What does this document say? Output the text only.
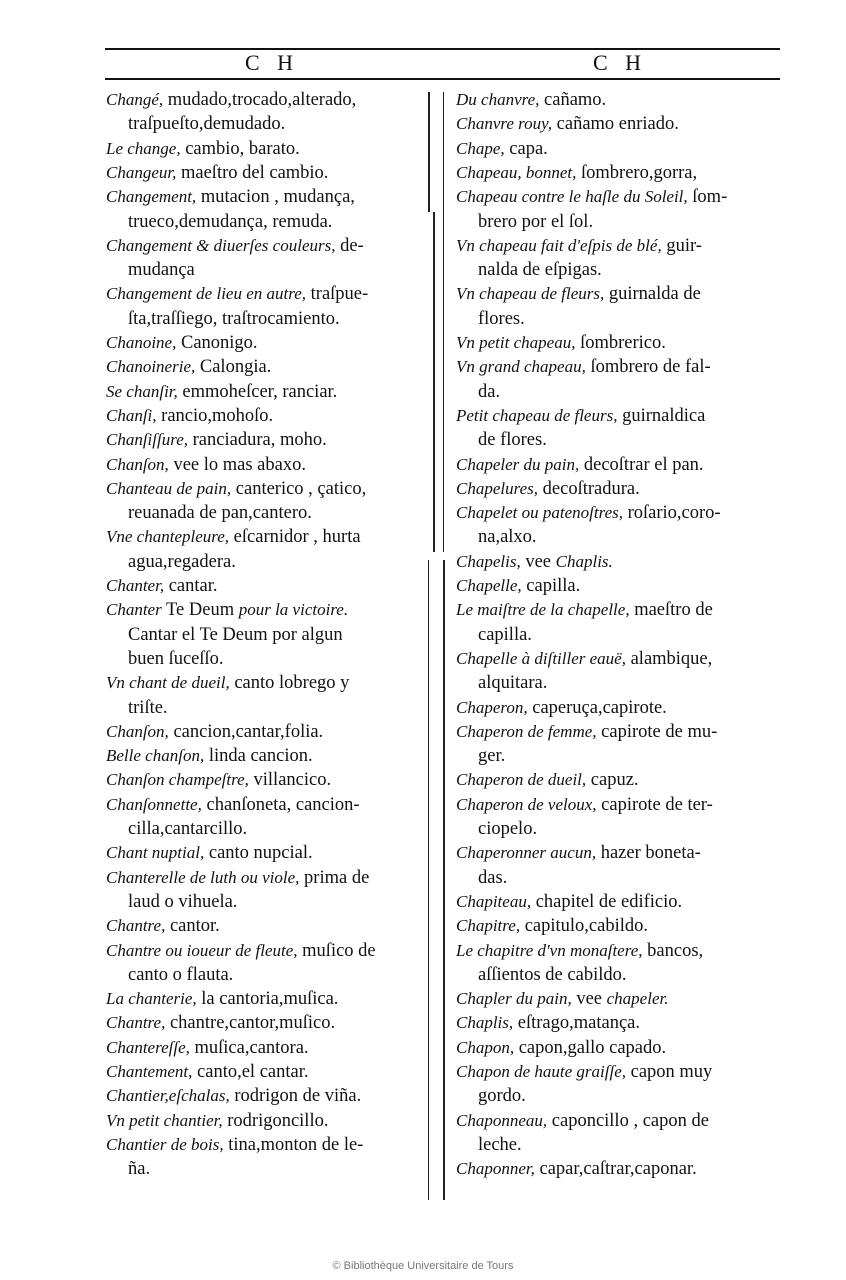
C H	C H
Changé, mudado,trocado,alterado,
traſpueſto,demudado.
Le change, cambio, barato.
Changeur, maeſtro del cambio.
Changement, mutacion , mudança,
trueco,demudança, remuda.
Changement & diuerſes couleurs, de-
mudança
Changement de lieu en autre, traſpue-
ſta,traſſiego, traſtrocamiento.
Chanoine, Canonigo.
Chanoinerie, Calongia.
Se chanſir, emmoheſcer, ranciar.
Chanſi, rancio,mohoſo.
Chanſiſſure, ranciadura, moho.
Chanſon, vee lo mas abaxo.
Chanteau de pain, canterico , çatico,
reuanada de pan,cantero.
Vne chantepleure, eſcarnidor , hurta
agua,regadera.
Chanter, cantar.
Chanter Te Deum pour la victoire.
Cantar el Te Deum por algun
buen ſuceſſo.
Vn chant de dueil, canto lobrego y
triſte.
Chanſon, cancion,cantar,folia.
Belle chanſon, linda cancion.
Chanſon champeſtre, villancico.
Chanſonnette, chanſoneta, cancion-
cilla,cantarcillo.
Chant nuptial, canto nupcial.
Chanterelle de luth ou viole, prima de
laud o vihuela.
Chantre, cantor.
Chantre ou ioueur de fleute, muſico de
canto o flauta.
La chanterie, la cantoria,muſica.
Chantre, chantre,cantor,muſico.
Chantereſſe, muſica,cantora.
Chantement, canto,el cantar.
Chantier,eſchalas, rodrigon de viña.
Vn petit chantier, rodrigoncillo.
Chantier de bois, tina,monton de le-
ña.
Du chanvre, cañamo.
Chanvre rouy, cañamo enriado.
Chape, capa.
Chapeau, bonnet, ſombrero,gorra,
Chapeau contre le haſle du Soleil, ſom-
brero por el ſol.
Vn chapeau fait d'eſpis de blé, guir-
nalda de eſpigas.
Vn chapeau de fleurs, guirnalda de
flores.
Vn petit chapeau, ſombrerico.
Vn grand chapeau, ſombrero de fal-
da.
Petit chapeau de fleurs, guirnaldica
de flores.
Chapeler du pain, decoſtrar el pan.
Chapelures, decoſtradura.
Chapelet ou patenoſtres, roſario,coro-
na,alxo.
Chapelis, vee Chaplis.
Chapelle, capilla.
Le maiſtre de la chapelle, maeſtro de
capilla.
Chapelle à diſtiller eauë, alambique,
alquitara.
Chaperon, caperuça,capirote.
Chaperon de femme, capirote de mu-
ger.
Chaperon de dueil, capuz.
Chaperon de veloux, capirote de ter-
ciopelo.
Chaperonner aucun, hazer boneta-
das.
Chapiteau, chapitel de edificio.
Chapitre, capitulo,cabildo.
Le chapitre d'vn monaſtere, bancos,
aſſientos de cabildo.
Chapler du pain, vee chapeler.
Chaplis, eſtrago,matança.
Chapon, capon,gallo capado.
Chapon de haute graiſſe, capon muy
gordo.
Chaponneau, caponcillo , capon de
leche.
Chaponner, capar,caſtrar,caponar.
© Bibliothèque Universitaire de Tours
